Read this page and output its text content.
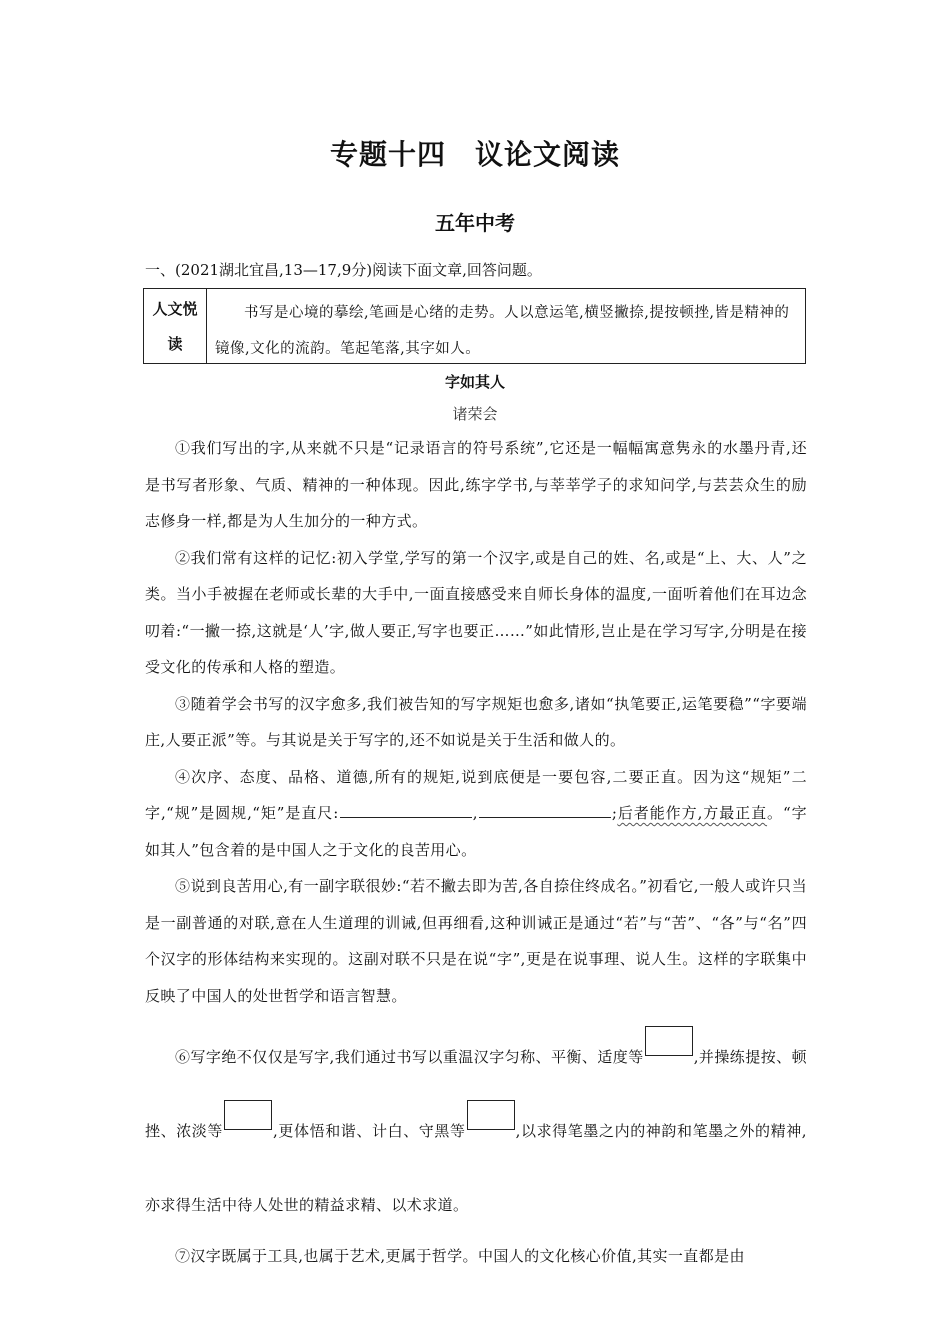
专题十四　议论文阅读
五年中考
一、(2021湖北宜昌,13—17,9分)阅读下面文章,回答问题。
人文悦
读
书写是心境的摹绘,笔画是心绪的走势。人以意运笔,横竖撇捺,提按顿挫,皆是精神的镜像,文化的流韵。笔起笔落,其字如人。
字如其人
诸荣会

①我们写出的字,从来就不只是“记录语言的符号系统”,它还是一幅幅寓意隽永的水墨丹青,还是书写者形象、气质、精神的一种体现。因此,练字学书,与莘莘学子的求知问学,与芸芸众生的励志修身一样,都是为人生加分的一种方式。

②我们常有这样的记忆:初入学堂,学写的第一个汉字,或是自己的姓、名,或是“上、大、人”之类。当小手被握在老师或长辈的大手中,一面直接感受来自师长身体的温度,一面听着他们在耳边念叨着:“一撇一捺,这就是‘人’字,做人要正,写字也要正……”如此情形,岂止是在学习写字,分明是在接受文化的传承和人格的塑造。

③随着学会书写的汉字愈多,我们被告知的写字规矩也愈多,诸如“执笔要正,运笔要稳”“字要端庄,人要正派”等。与其说是关于写字的,还不如说是关于生活和做人的。

④次序、态度、品格、道德,所有的规矩,说到底便是一要包容,二要正直。因为这“规矩”二字,“规”是圆规,“矩”是直尺:	,	;后者能作方,方最正直。“字如其人”包含着的是中国人之于文化的良苦用心。

⑤说到良苦用心,有一副字联很妙:“若不撇去即为苦,各自捺住终成名。”初看它,一般人或许只当是一副普通的对联,意在人生道理的训诫,但再细看,这种训诫正是通过“若”与“苦”、“各”与“名”四个汉字的形体结构来实现的。这副对联不只是在说“字”,更是在说事理、说人生。这样的字联集中反映了中国人的处世哲学和语言智慧。

⑥写字绝不仅仅是写字,我们通过书写以重温汉字匀称、平衡、适度等	,并操练提按、顿挫、浓淡等	,更体悟和谐、计白、守黑等	,以求得笔墨之内的神韵和笔墨之外的精神,亦求得生活中待人处世的精益求精、以术求道。

⑦汉字既属于工具,也属于艺术,更属于哲学。中国人的文化核心价值,其实一直都是由
